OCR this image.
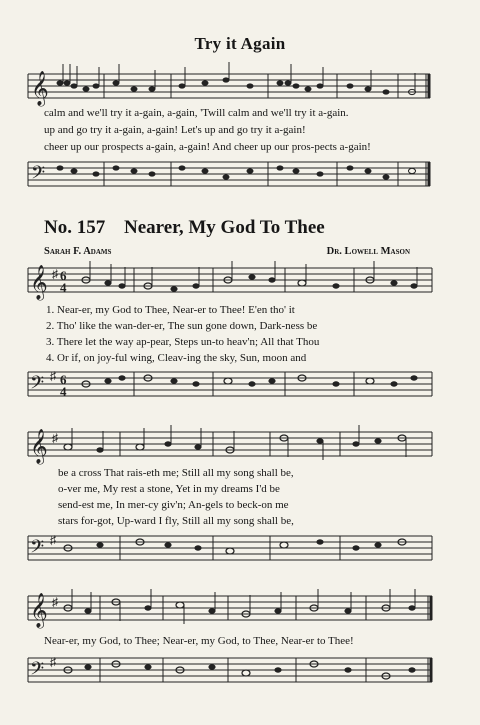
Try it Again
𝄞
calm and we'll try it a-gain, a-gain, 'Twill calm and we'll try it a-gain.
up and go try it a-gain, a-gain! Let's up and go try it a-gain!
cheer up our prospects a-gain, a-gain! And cheer up our pros-pects a-gain!
𝄢
No. 157 Nearer, My God To Thee
Sarah F. Adams	Dr. Lowell Mason
𝄞 ♯ 6
4
1. Near-er, my God to Thee, Near-er to Thee! E'en tho' it
2. Tho' like the wan-der-er, The sun gone down, Dark-ness be
3. There let the way ap-pear, Steps un-to heav'n; All that Thou
4. Or if, on joy-ful wing, Cleav-ing the sky, Sun, moon and
𝄢 ♯ 6
4
𝄞 ♯
be a cross That rais-eth me; Still all my song shall be,
o-ver me, My rest a stone, Yet in my dreams I'd be
send-est me, In mer-cy giv'n; An-gels to beck-on me
stars for-got, Up-ward I fly, Still all my song shall be,
𝄢 ♯
𝄞 ♯
Near-er, my God, to Thee; Near-er, my God, to Thee, Near-er to Thee!
𝄢 ♯
